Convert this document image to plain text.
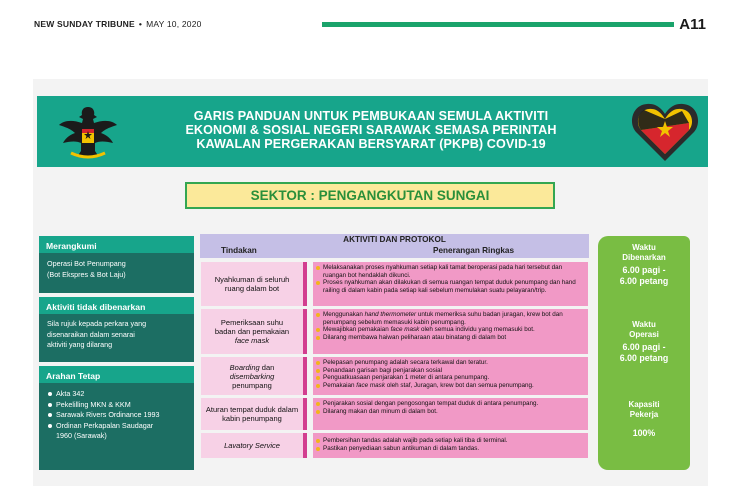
NEW SUNDAY TRIBUNE • MAY 10, 2020	A11
GARIS PANDUAN UNTUK PEMBUKAAN SEMULA AKTIVITI
EKONOMI & SOSIAL NEGERI SARAWAK SEMASA PERINTAH
KAWALAN PERGERAKAN BERSYARAT (PKPB) COVID-19
SEKTOR : PENGANGKUTAN SUNGAI
Merangkumi
Operasi Bot Penumpang
(Bot Ekspres & Bot Laju)
Aktiviti tidak dibenarkan
Sila rujuk kepada perkara yang
disenaraikan dalam senarai
aktiviti yang dilarang
Arahan Tetap
Akta 342
Pekelilling MKN & KKM
Sarawak Rivers Ordinance 1993
Ordinan Perkapalan Saudagar
1960 (Sarawak)
AKTIVITI DAN PROTOKOL
Tindakan	Penerangan Ringkas
Nyahkuman di seluruh ruang dalam bot
Melaksanakan proses nyahkuman setiap kali tamat beroperasi pada hari tersebut dan ruangan bot hendaklah dikunci.
Proses nyahkuman akan dilakukan di semua ruangan tempat duduk penumpang dan hand railing di dalam kabin pada setiap kali sebelum memulakan suatu pelayaran/trip.
Pemeriksaan suhu
badan dan pemakaian
face mask
Menggunakan hand thermometer untuk memeriksa suhu badan juragan, krew bot dan penumpang sebelum memasuki kabin penumpang.
Mewajibkan pemakaian face mask oleh semua individu yang memasuki bot.
Dilarang membawa haiwan peliharaan atau binatang di dalam bot
Boarding dan
disembarking
penumpang
Pelepasan penumpang adalah secara terkawal dan teratur.
Penandaan garisan bagi penjarakan sosial
Penguatkuasaan penjarakan 1 meter di antara penumpang.
Pemakaian face mask oleh staf, Juragan, krew bot dan semua penumpang.
Aturan tempat duduk dalam kabin penumpang
Penjarakan sosial dengan pengosongan tempat duduk di antara penumpang.
Dilarang makan dan minum di dalam bot.
Lavatory Service
Pembersihan tandas adalah wajib pada setiap kali tiba di terminal.
Pastikan penyediaan sabun antikuman di dalam tandas.
Waktu
Dibenarkan
6.00 pagi -
6.00 petang
Waktu
Operasi
6.00 pagi -
6.00 petang
Kapasiti
Pekerja
100%
